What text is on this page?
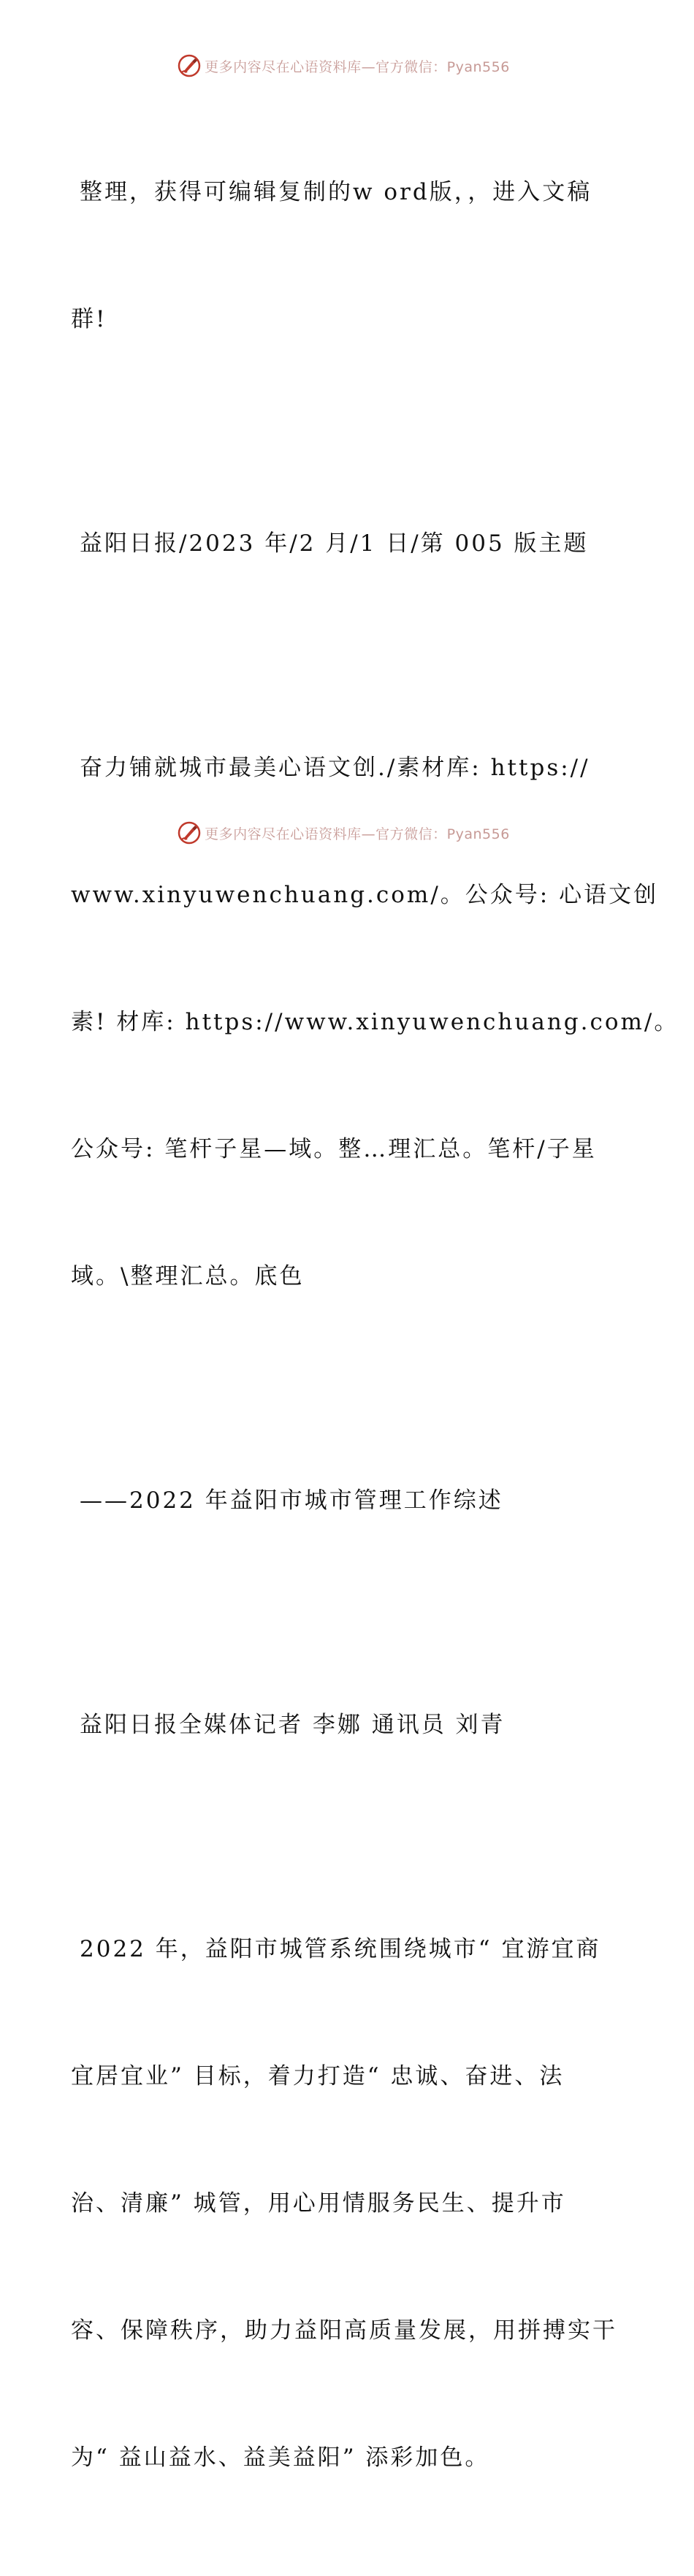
更多内容尽在心语资料库—官方微信：Pyan556

整理，获得可编辑复制的w ord版，，进入文稿

群!

益阳日报/2023 年/2 月/1 日/第 005 版主题

奋力铺就城市最美心语文创./素材库: https://

www.xinyuwenchuang.com/。公众号: 心语文创

素! 材库: https://www.xinyuwenchuang.com/。

公众号: 笔杆子星—域。整…理汇总。笔杆/子星

域。\整理汇总。底色

——2022 年益阳市城市管理工作综述

益阳日报全媒体记者 李娜 通讯员 刘青

2022 年，益阳市城管系统围绕城市“ 宜游宜商

宜居宜业” 目标，着力打造“ 忠诚、奋进、法

治、清廉” 城管，用心用情服务民生、提升市

容、保障秩序，助力益阳高质量发展，用拼搏实干

为“ 益山益水、益美益阳” 添彩加色。

更多内容尽在心语资料库—官方微信：Pyan556
